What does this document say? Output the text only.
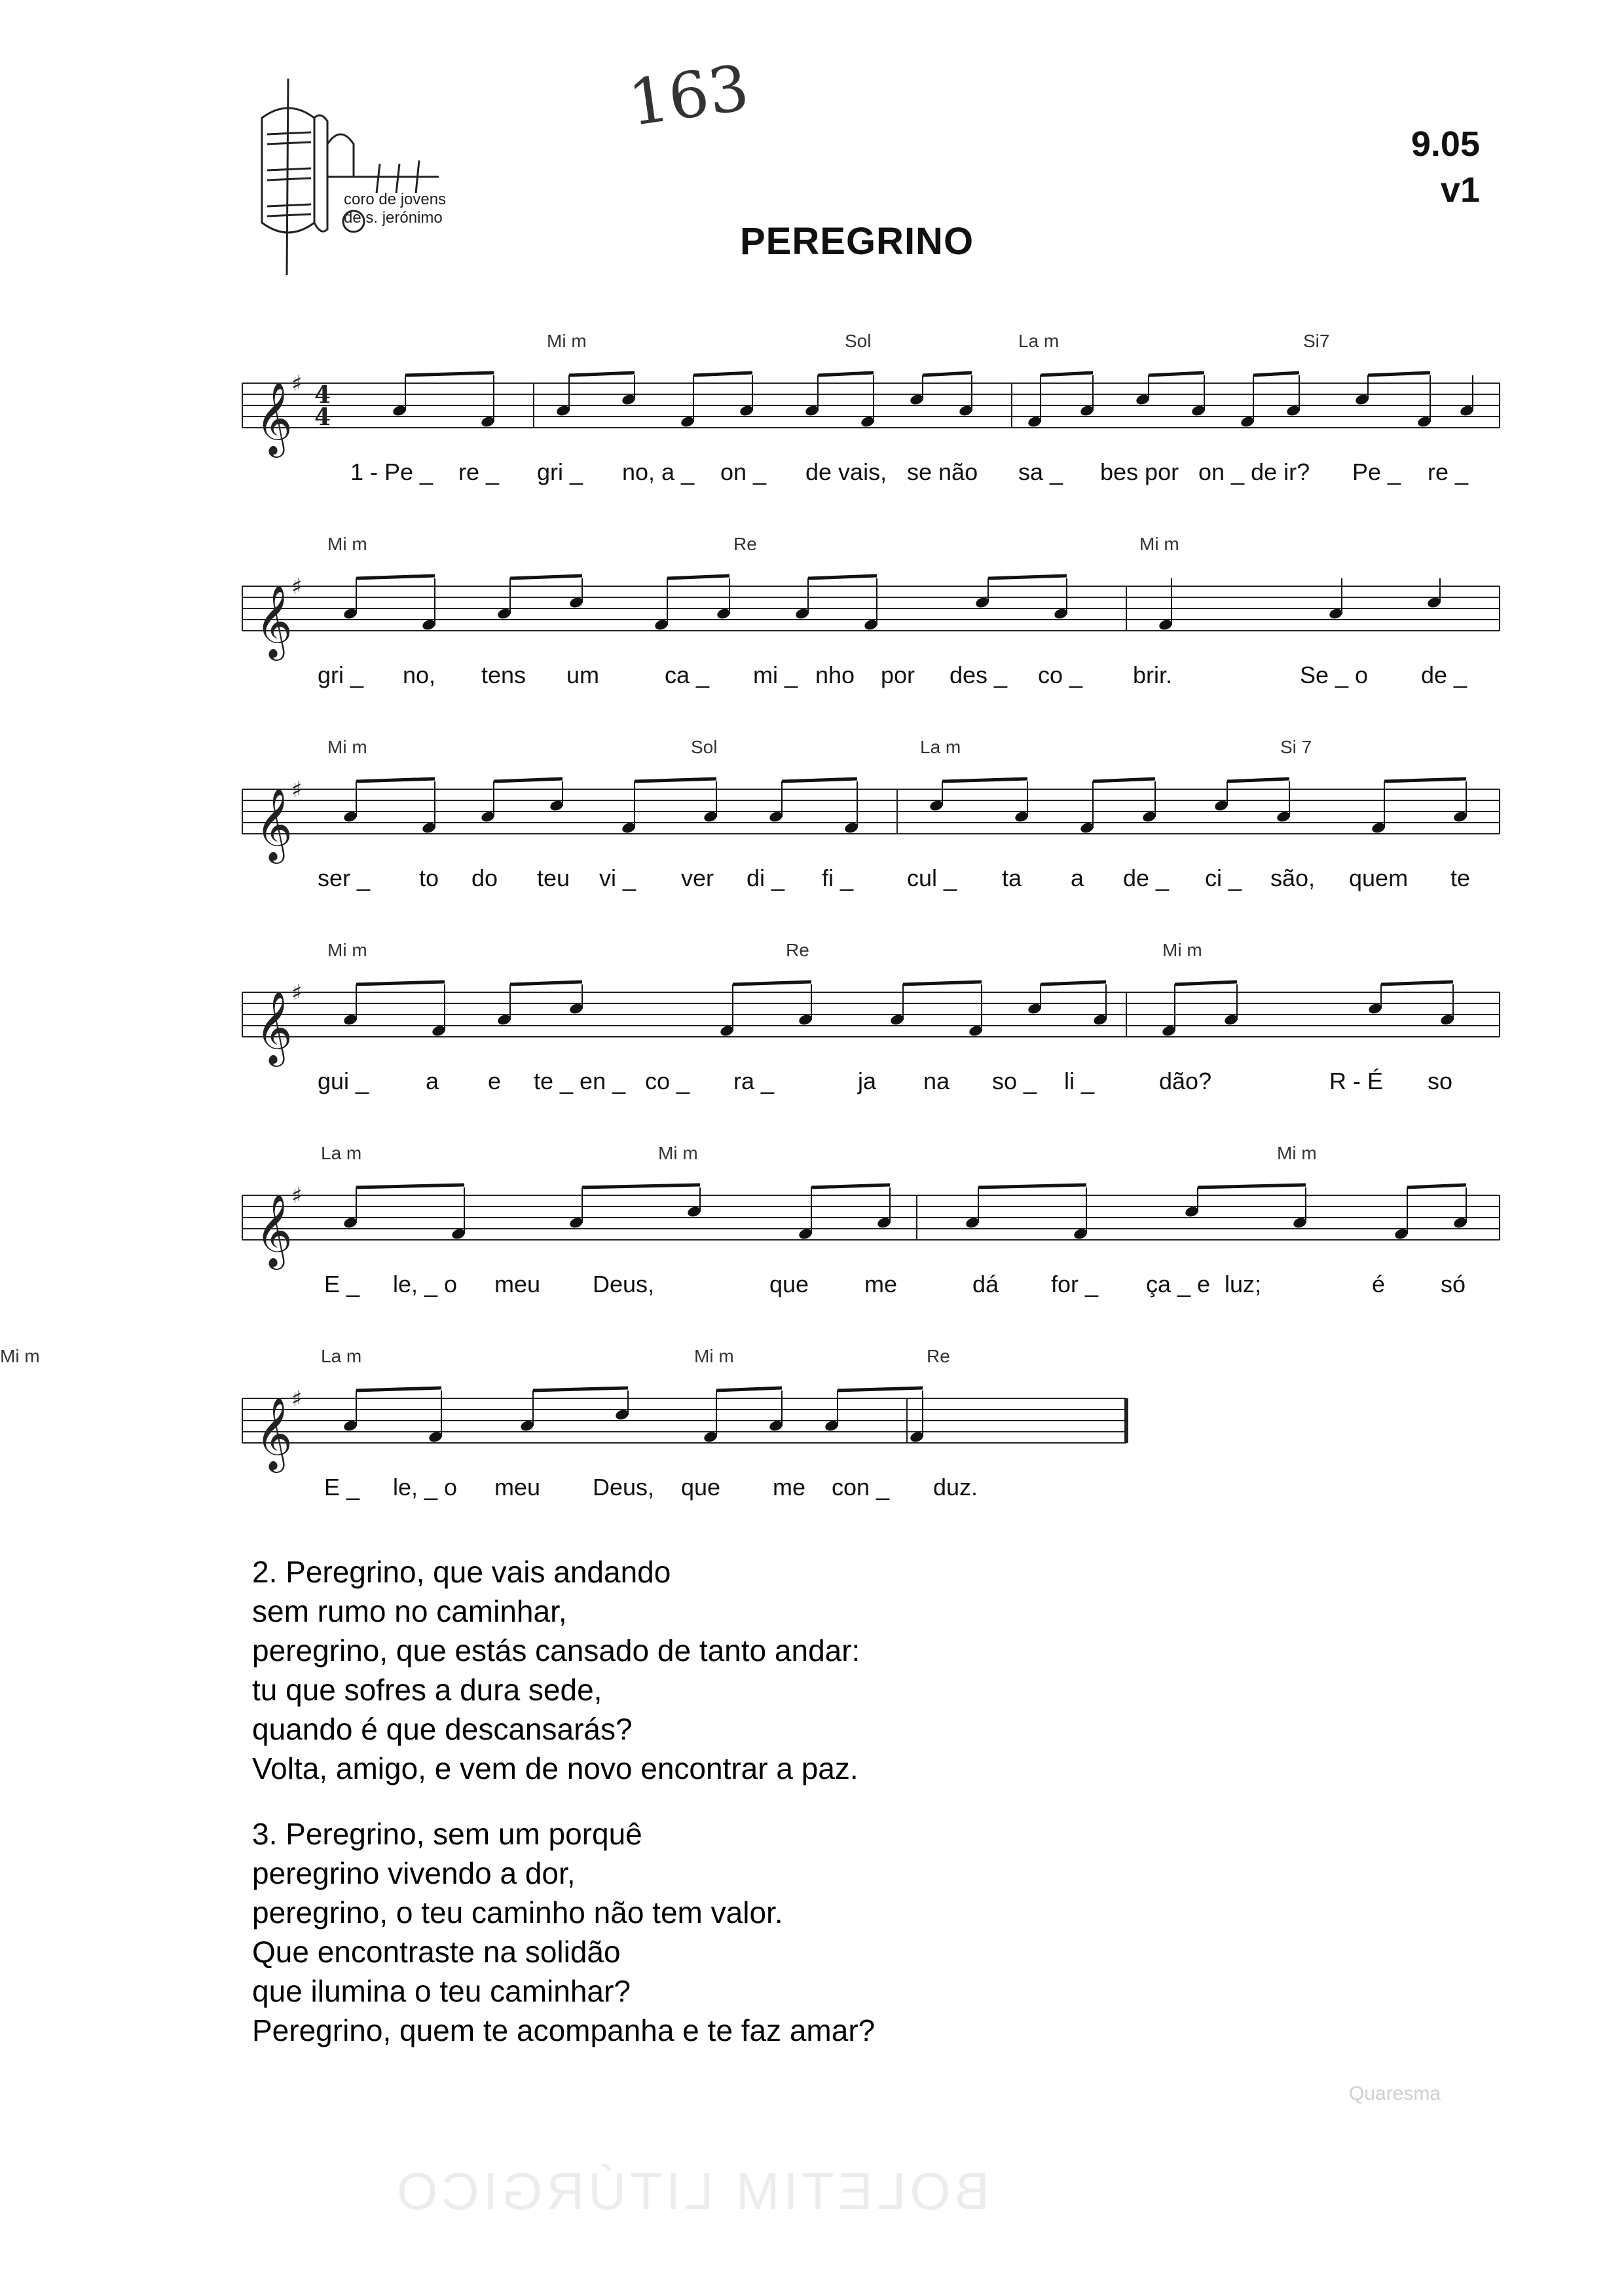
Quaresma
BOLETIM LITÚRGICO
coro de jovens
de s. jerónimo
163
9.05
v1
PEREGRINO
Mi m	Sol	La m	Si7
𝄞
♯ 4
4
1 - Pe _ re _ gri _ no, a _ on _ de vais, se não sa _ bes por on _ de ir? Pe _ re _
Mi m	Re	Mi m
𝄞
♯
gri _ no, tens um	ca _ mi _ nho por des _ co _ brir.	Se _ o de _
Mi m	Sol	La m	Si 7
𝄞
♯
ser _ to do teu vi _ ver di _ fi _ cul _ ta a de _ ci _ são, quem te
Mi m	Re	Mi m
𝄞
♯
gui _ a e te _ en _ co _ ra _	ja na so _ li _	dão?	R - É so
La m	Mi m	Mi m
𝄞
♯
E _ le, _ o meu Deus,	que me	dá for _ ça _ e luz;	é só
La m	Mi m	Re
Mi m
𝄞
♯
E _ le, _ o meu Deus, que me con _ duz.
2. Peregrino, que vais andando
sem rumo no caminhar,
peregrino, que estás cansado de tanto andar:
tu que sofres a dura sede,
quando é que descansarás?
Volta, amigo, e vem de novo encontrar a paz.
3. Peregrino, sem um porquê
peregrino vivendo a dor,
peregrino, o teu caminho não tem valor.
Que encontraste na solidão
que ilumina o teu caminhar?
Peregrino, quem te acompanha e te faz amar?
